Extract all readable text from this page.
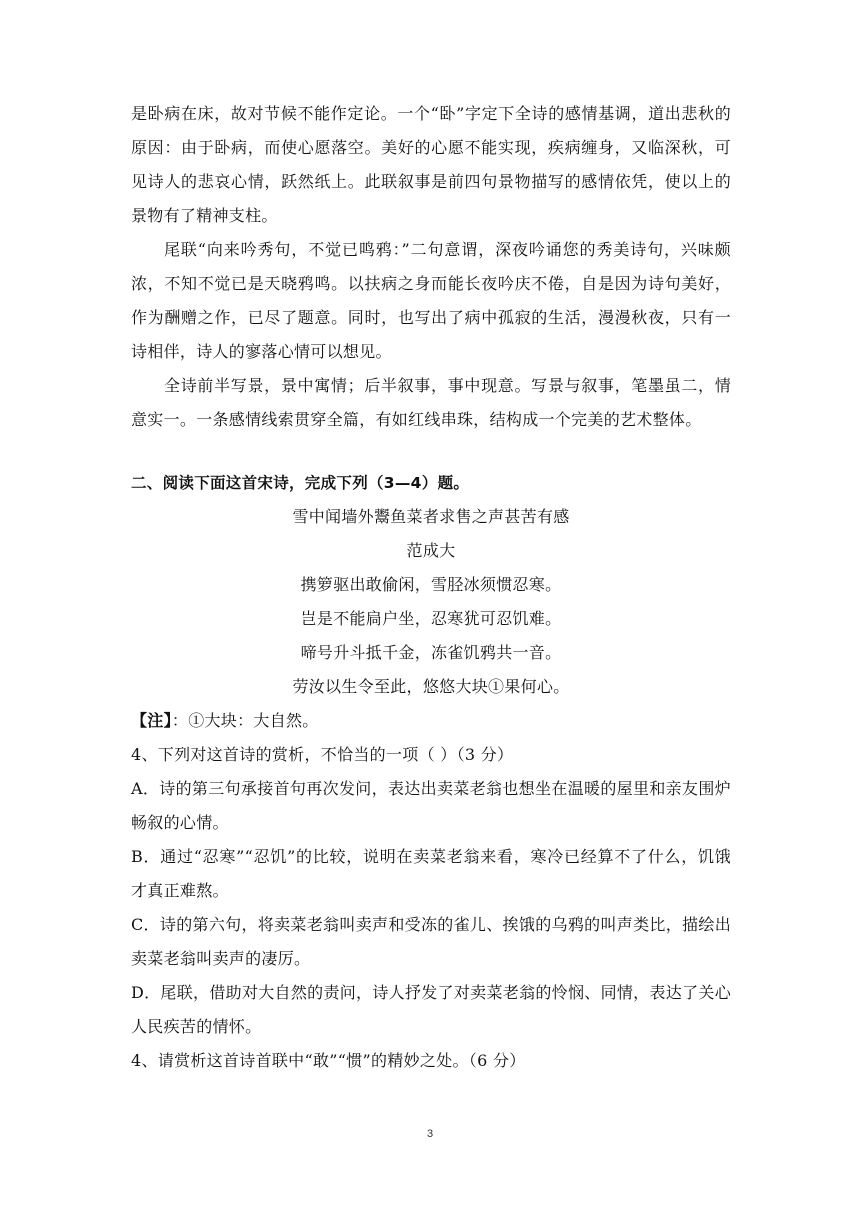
是卧病在床，故对节候不能作定论。一个“卧”字定下全诗的感情基调，道出悲秋的原因：由于卧病，而使心愿落空。美好的心愿不能实现，疾病缠身，又临深秋，可见诗人的悲哀心情，跃然纸上。此联叙事是前四句景物描写的感情依凭，使以上的景物有了精神支柱。

尾联“向来吟秀句，不觉已鸣鸦：”二句意谓，深夜吟诵您的秀美诗句，兴味颇浓，不知不觉已是天晓鸦鸣。以扶病之身而能长夜吟庆不倦，自是因为诗句美好，作为酬赠之作，已尽了题意。同时，也写出了病中孤寂的生活，漫漫秋夜，只有一诗相伴，诗人的寥落心情可以想见。

全诗前半写景，景中寓情；后半叙事，事中现意。写景与叙事，笔墨虽二，情意实一。一条感情线索贯穿全篇，有如红线串珠，结构成一个完美的艺术整体。

二、阅读下面这首宋诗，完成下列（3—4）题。

雪中闻墙外鬻鱼菜者求售之声甚苦有感
范成大
携箩驱出敢偷闲，雪胫冰须惯忍寒。
岂是不能扃户坐，忍寒犹可忍饥难。
啼号升斗抵千金，冻雀饥鸦共一音。
劳汝以生令至此，悠悠大块①果何心。

【注】：①大块：大自然。

4、下列对这首诗的赏析，不恰当的一项（ ）（3 分）

A．诗的第三句承接首句再次发问，表达出卖菜老翁也想坐在温暖的屋里和亲友围炉畅叙的心情。

B．通过“忍寒”“忍饥”的比较，说明在卖菜老翁来看，寒冷已经算不了什么，饥饿才真正难熬。

C．诗的第六句，将卖菜老翁叫卖声和受冻的雀儿、挨饿的乌鸦的叫声类比，描绘出卖菜老翁叫卖声的凄厉。

D．尾联，借助对大自然的责问，诗人抒发了对卖菜老翁的怜悯、同情，表达了关心人民疾苦的情怀。

4、请赏析这首诗首联中“敢”“惯”的精妙之处。（6 分）

3
